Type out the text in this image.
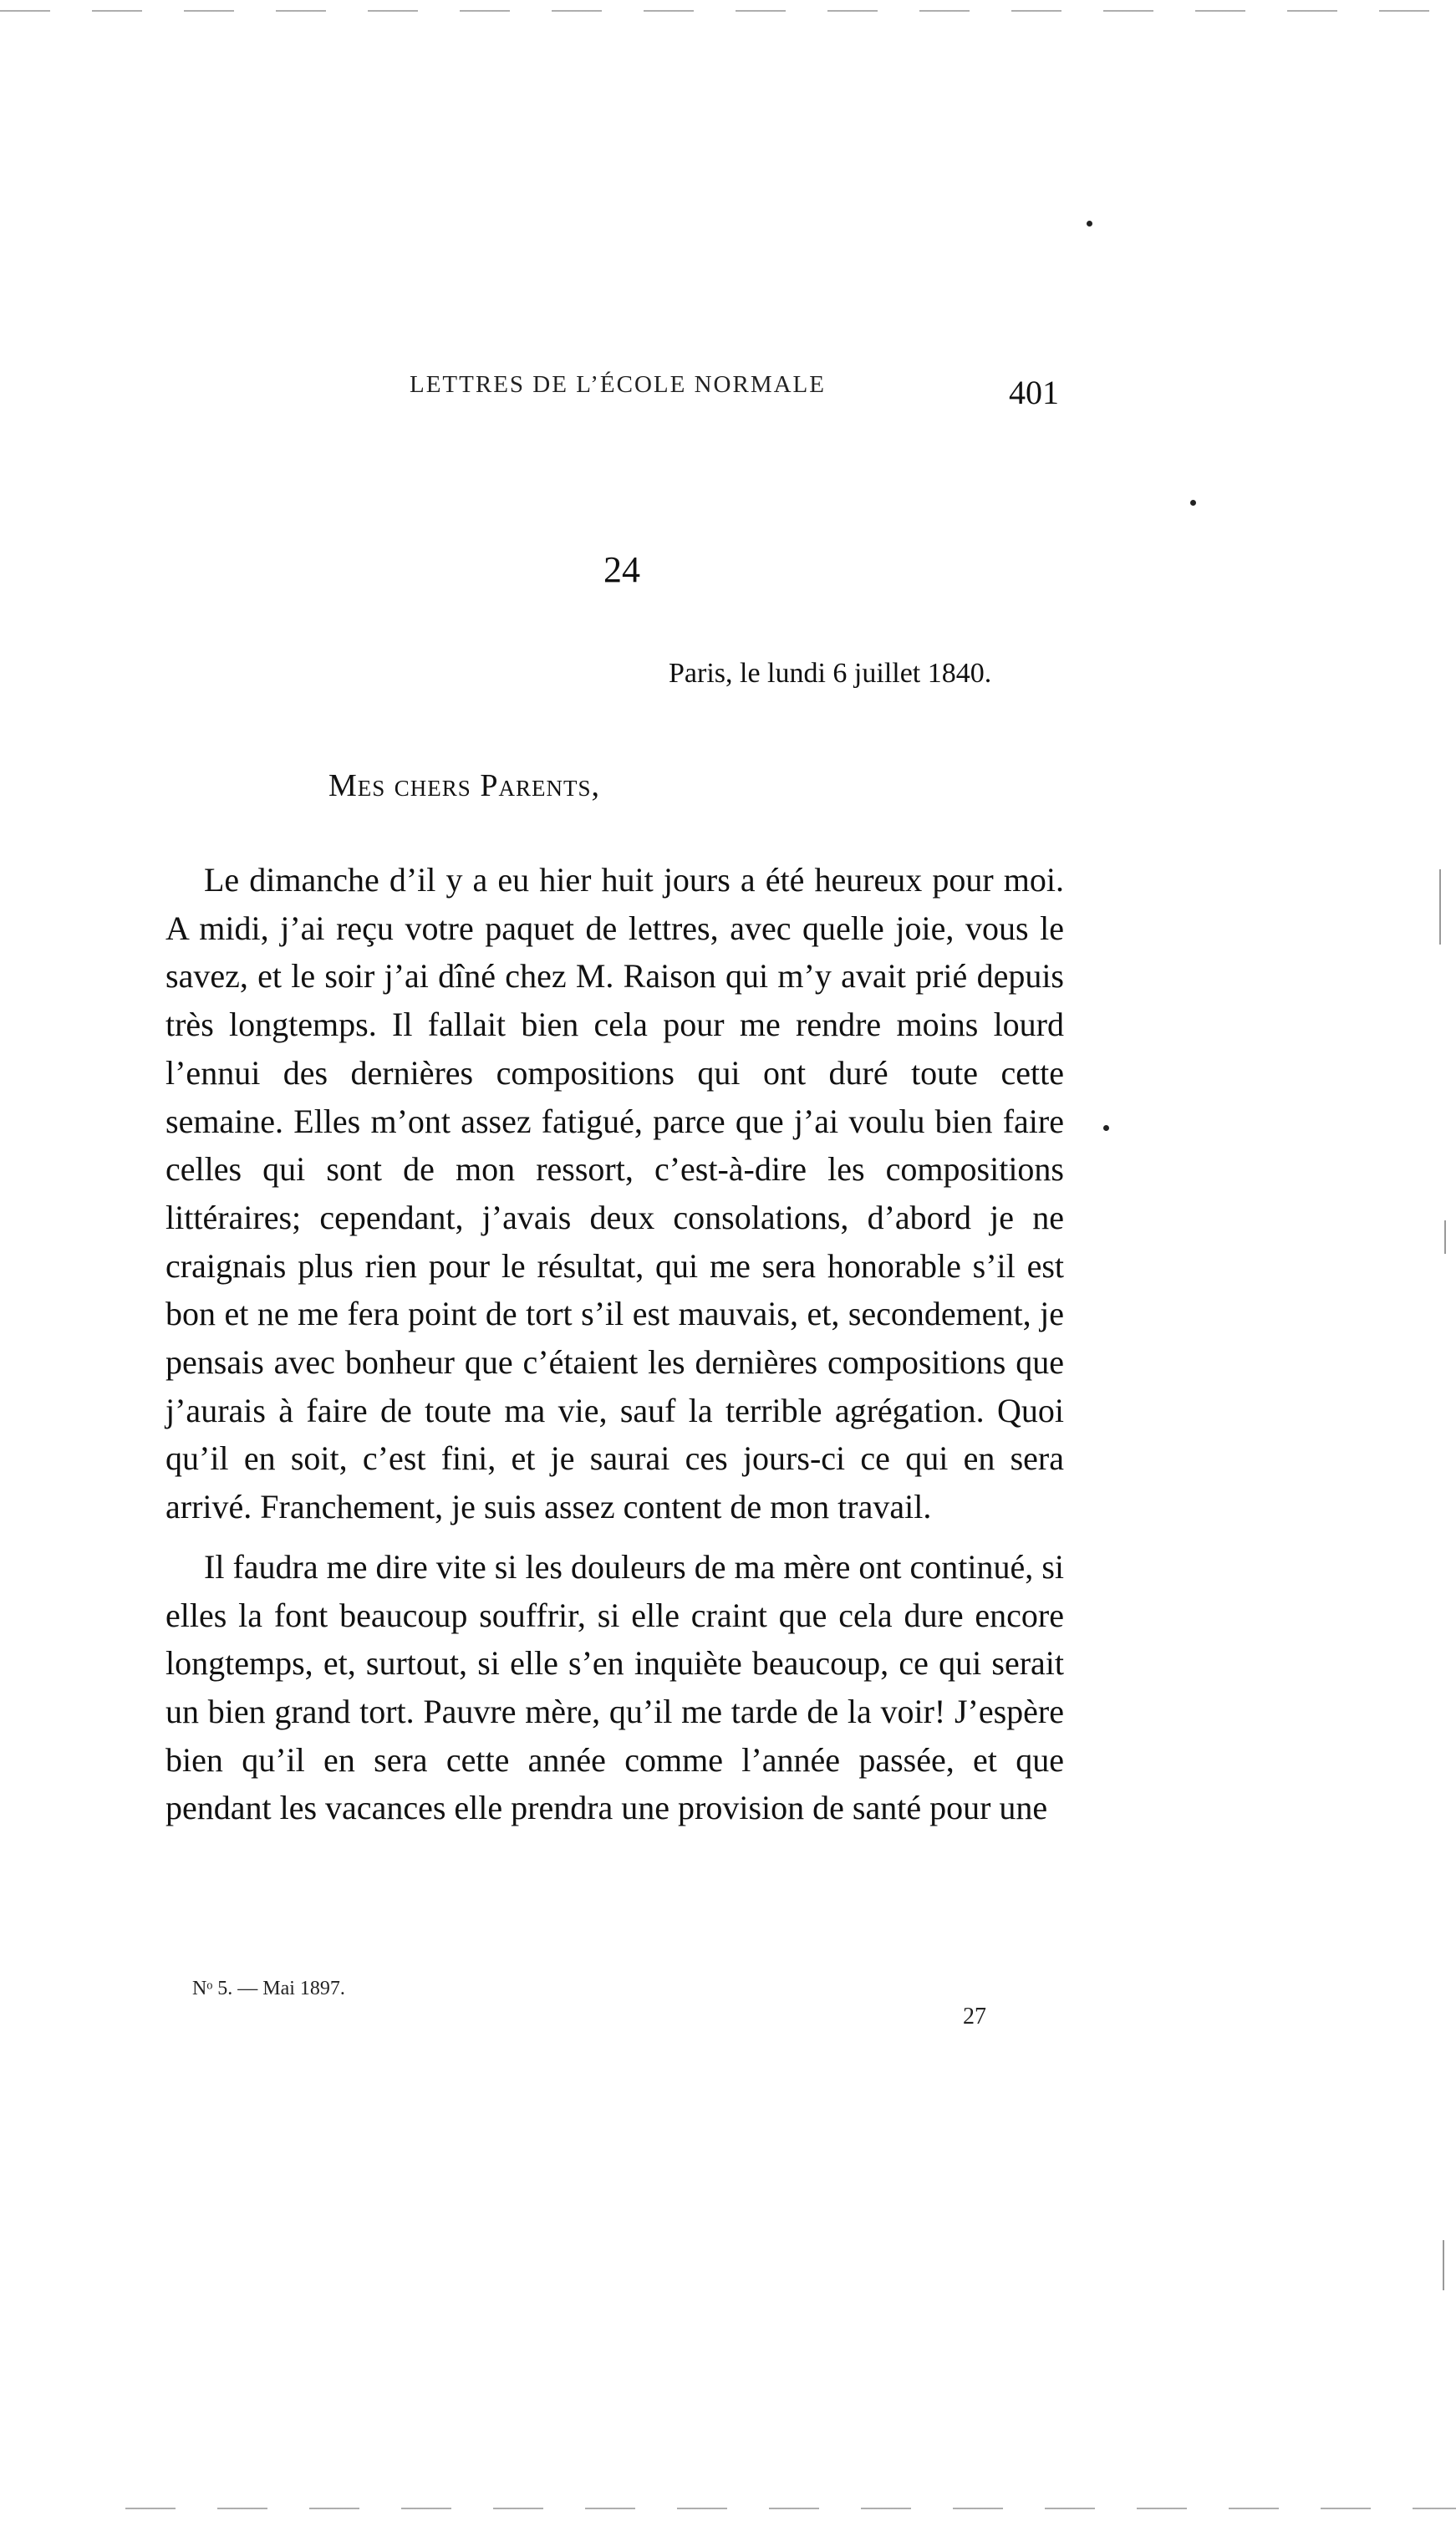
LETTRES DE L’ÉCOLE NORMALE	401
24
Paris, le lundi 6 juillet 1840.
Mes chers Parents,

Le dimanche d’il y a eu hier huit jours a été heureux pour moi. A midi, j’ai reçu votre paquet de lettres, avec quelle joie, vous le savez, et le soir j’ai dîné chez M. Raison qui m’y avait prié depuis très longtemps. Il fallait bien cela pour me rendre moins lourd l’ennui des dernières compositions qui ont duré toute cette semaine. Elles m’ont assez fatigué, parce que j’ai voulu bien faire celles qui sont de mon ressort, c’est-à-dire les compositions littéraires; cependant, j’avais deux consolations, d’abord je ne craignais plus rien pour le résultat, qui me sera honorable s’il est bon et ne me fera point de tort s’il est mauvais, et, secondement, je pensais avec bonheur que c’étaient les dernières compositions que j’aurais à faire de toute ma vie, sauf la terrible agrégation. Quoi qu’il en soit, c’est fini, et je saurai ces jours-ci ce qui en sera arrivé. Franchement, je suis assez content de mon travail.

Il faudra me dire vite si les douleurs de ma mère ont continué, si elles la font beaucoup souffrir, si elle craint que cela dure encore longtemps, et, surtout, si elle s’en inquiète beaucoup, ce qui serait un bien grand tort. Pauvre mère, qu’il me tarde de la voir! J’espère bien qu’il en sera cette année comme l’année passée, et que pendant les vacances elle prendra une provision de santé pour une

Nᵒ 5. — Mai 1897.
27
